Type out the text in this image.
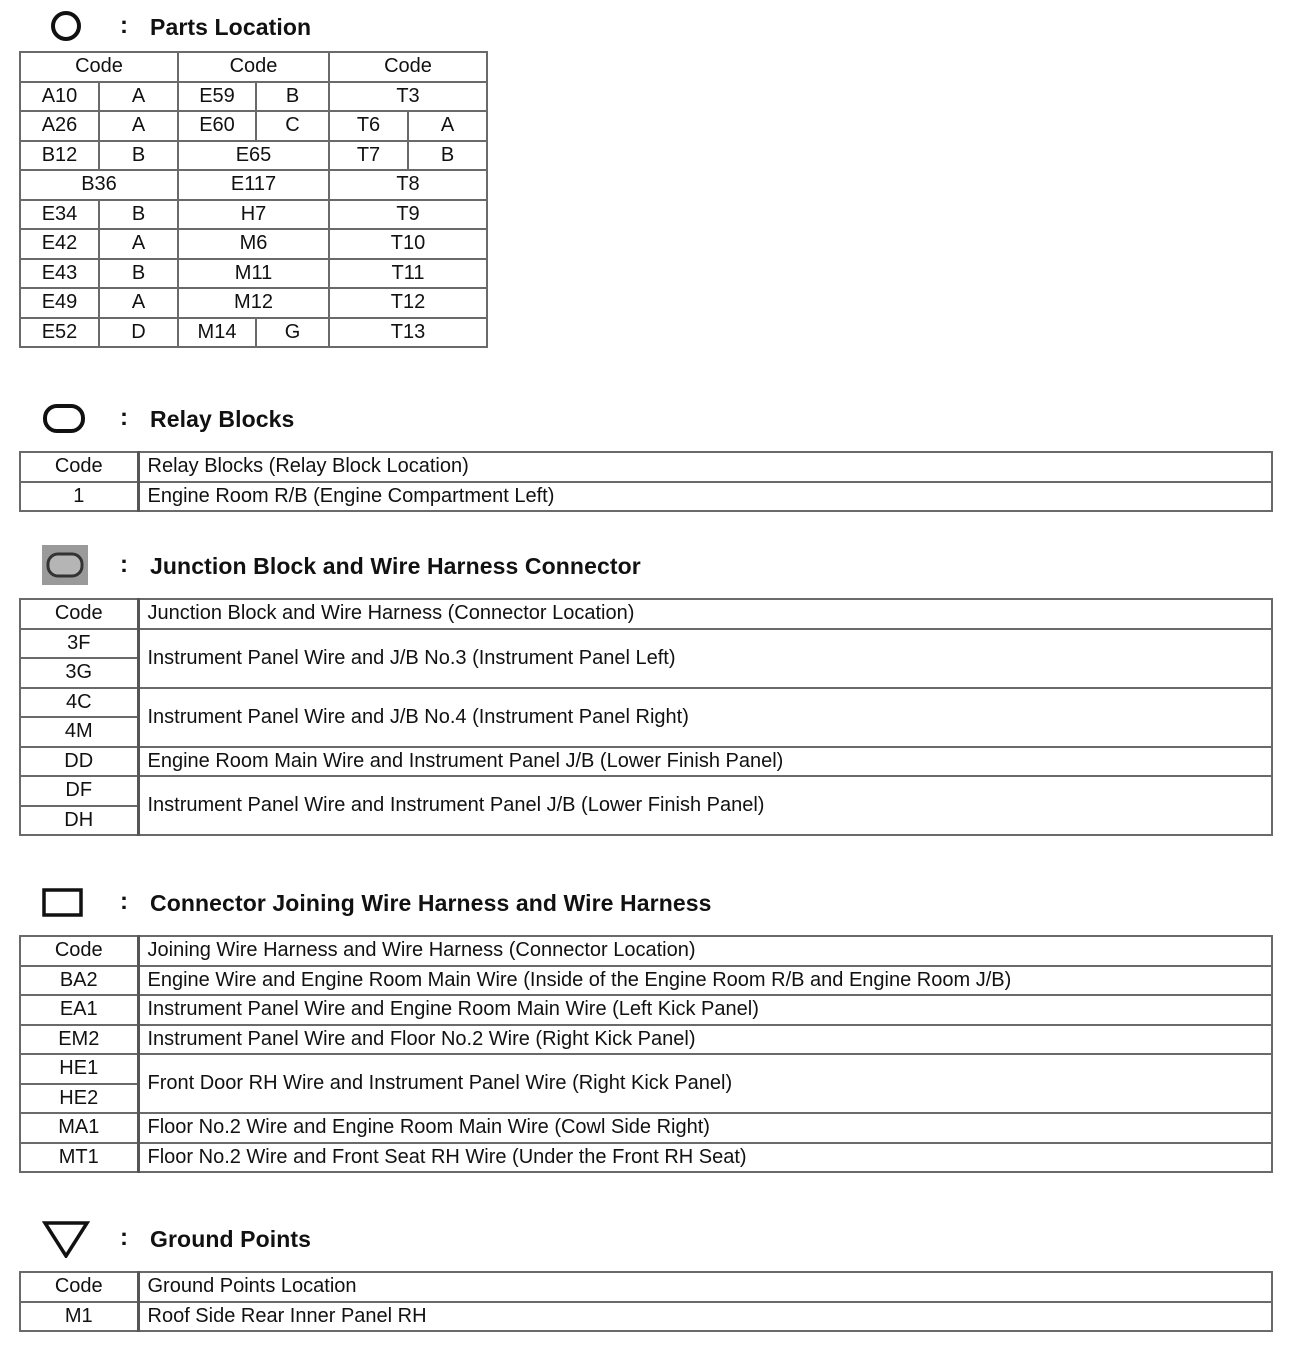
: Parts Location
Code		Code		Code	
A10	A	E59	B	T3	
A26	A	E60	C	T6	A
B12	B	E65		T7	B
B36		E117		T8	
E34	B	H7		T9	
E42	A	M6		T10	
E43	B	M11		T11	
E49	A	M12		T12	
E52	D	M14	G	T13	
: Relay Blocks
Code	Relay Blocks (Relay Block Location)
1	Engine Room R/B (Engine Compartment Left)
: Junction Block and Wire Harness Connector
Code	Junction Block and Wire Harness (Connector Location)
3F	Instrument Panel Wire and J/B No.3 (Instrument Panel Left)
3G	
4C	Instrument Panel Wire and J/B No.4 (Instrument Panel Right)
4M	
DD	Engine Room Main Wire and Instrument Panel J/B (Lower Finish Panel)
DF	Instrument Panel Wire and Instrument Panel J/B (Lower Finish Panel)
DH	
: Connector Joining Wire Harness and Wire Harness
Code	Joining Wire Harness and Wire Harness (Connector Location)
BA2	Engine Wire and Engine Room Main Wire (Inside of the Engine Room R/B and Engine Room J/B)
EA1	Instrument Panel Wire and Engine Room Main Wire (Left Kick Panel)
EM2	Instrument Panel Wire and Floor No.2 Wire (Right Kick Panel)
HE1	Front Door RH Wire and Instrument Panel Wire (Right Kick Panel)
HE2	
MA1	Floor No.2 Wire and Engine Room Main Wire (Cowl Side Right)
MT1	Floor No.2 Wire and Front Seat RH Wire (Under the Front RH Seat)
: Ground Points
Code	Ground Points Location
M1	Roof Side Rear Inner Panel RH
